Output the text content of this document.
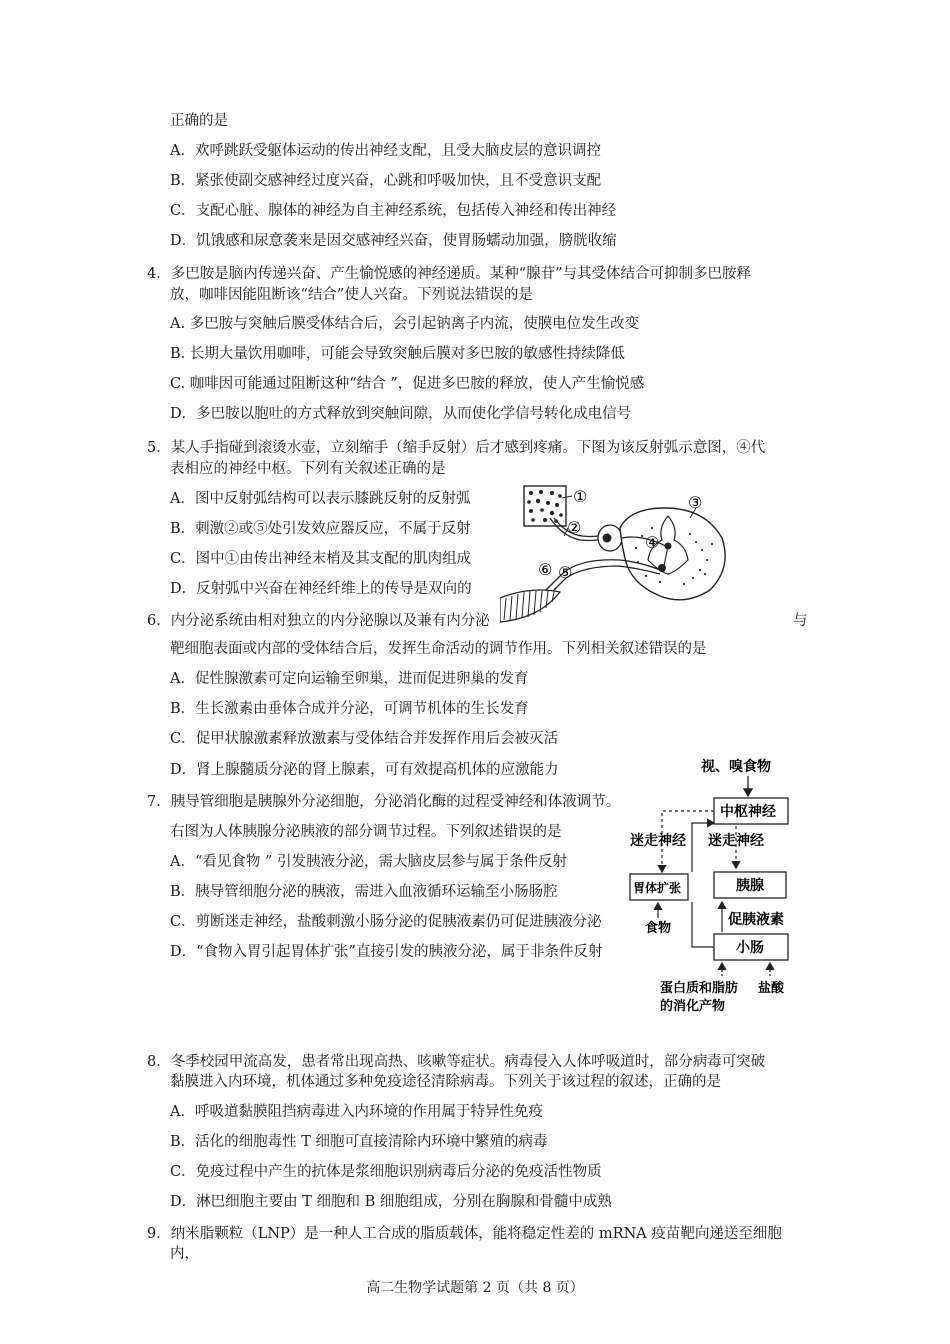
正确的是
A．欢呼跳跃受躯体运动的传出神经支配，且受大脑皮层的意识调控
B．紧张使副交感神经过度兴奋，心跳和呼吸加快，且不受意识支配
C．支配心脏、腺体的神经为自主神经系统，包括传入神经和传出神经
D．饥饿感和尿意袭来是因交感神经兴奋，使胃肠蠕动加强，膀胱收缩
4．多巴胺是脑内传递兴奋、产生愉悦感的神经递质。某种“腺苷”与其受体结合可抑制多巴胺释
放，咖啡因能阻断该“结合”使人兴奋。下列说法错误的是
A. 多巴胺与突触后膜受体结合后，会引起钠离子内流，使膜电位发生改变
B. 长期大量饮用咖啡，可能会导致突触后膜对多巴胺的敏感性持续降低
C. 咖啡因可能通过阻断这种“结合 ”，促进多巴胺的释放，使人产生愉悦感
D．多巴胺以胞吐的方式释放到突触间隙，从而使化学信号转化成电信号
5．某人手指碰到滚烫水壶，立刻缩手（缩手反射）后才感到疼痛。下图为该反射弧示意图，④代
表相应的神经中枢。下列有关叙述正确的是
A．图中反射弧结构可以表示膝跳反射的反射弧
B．刺激②或⑤处引发效应器反应，不属于反射
C．图中①由传出神经末梢及其支配的肌肉组成
D．反射弧中兴奋在神经纤维上的传导是双向的
①
②
③
④
⑤
⑥
6．内分泌系统由相对独立的内分泌腺以及兼有内分泌	与
靶细胞表面或内部的受体结合后，发挥生命活动的调节作用。下列相关叙述错误的是
A．促性腺激素可定向运输至卵巢，进而促进卵巢的发育
B．生长激素由垂体合成并分泌，可调节机体的生长发育
C．促甲状腺激素释放激素与受体结合并发挥作用后会被灭活
D．肾上腺髓质分泌的肾上腺素，可有效提高机体的应激能力
7．胰导管细胞是胰腺外分泌细胞，分泌消化酶的过程受神经和体液调节。
右图为人体胰腺分泌胰液的部分调节过程。下列叙述错误的是
A．“看见食物 ” 引发胰液分泌，需大脑皮层参与属于条件反射
B．胰导管细胞分泌的胰液，需进入血液循环运输至小肠肠腔
C．剪断迷走神经，盐酸刺激小肠分泌的促胰液素仍可促进胰液分泌
D．“食物入胃引起胃体扩张”直接引发的胰液分泌，属于非条件反射
视、嗅食物
中枢神经
迷走神经 迷走神经
胃体扩张
食物
胰腺
促胰液素
小肠
蛋白质和脂肪
的消化产物
盐酸
8．冬季校园甲流高发，患者常出现高热、咳嗽等症状。病毒侵入人体呼吸道时，部分病毒可突破
黏膜进入内环境，机体通过多种免疫途径清除病毒。下列关于该过程的叙述，正确的是
A．呼吸道黏膜阻挡病毒进入内环境的作用属于特异性免疫
B．活化的细胞毒性 T 细胞可直接清除内环境中繁殖的病毒
C．免疫过程中产生的抗体是浆细胞识别病毒后分泌的免疫活性物质
D．淋巴细胞主要由 T 细胞和 B 细胞组成，分别在胸腺和骨髓中成熟
9．纳米脂颗粒（LNP）是一种人工合成的脂质载体，能将稳定性差的 mRNA 疫苗靶向递送至细胞
内，
高二生物学试题第 2 页（共 8 页）
